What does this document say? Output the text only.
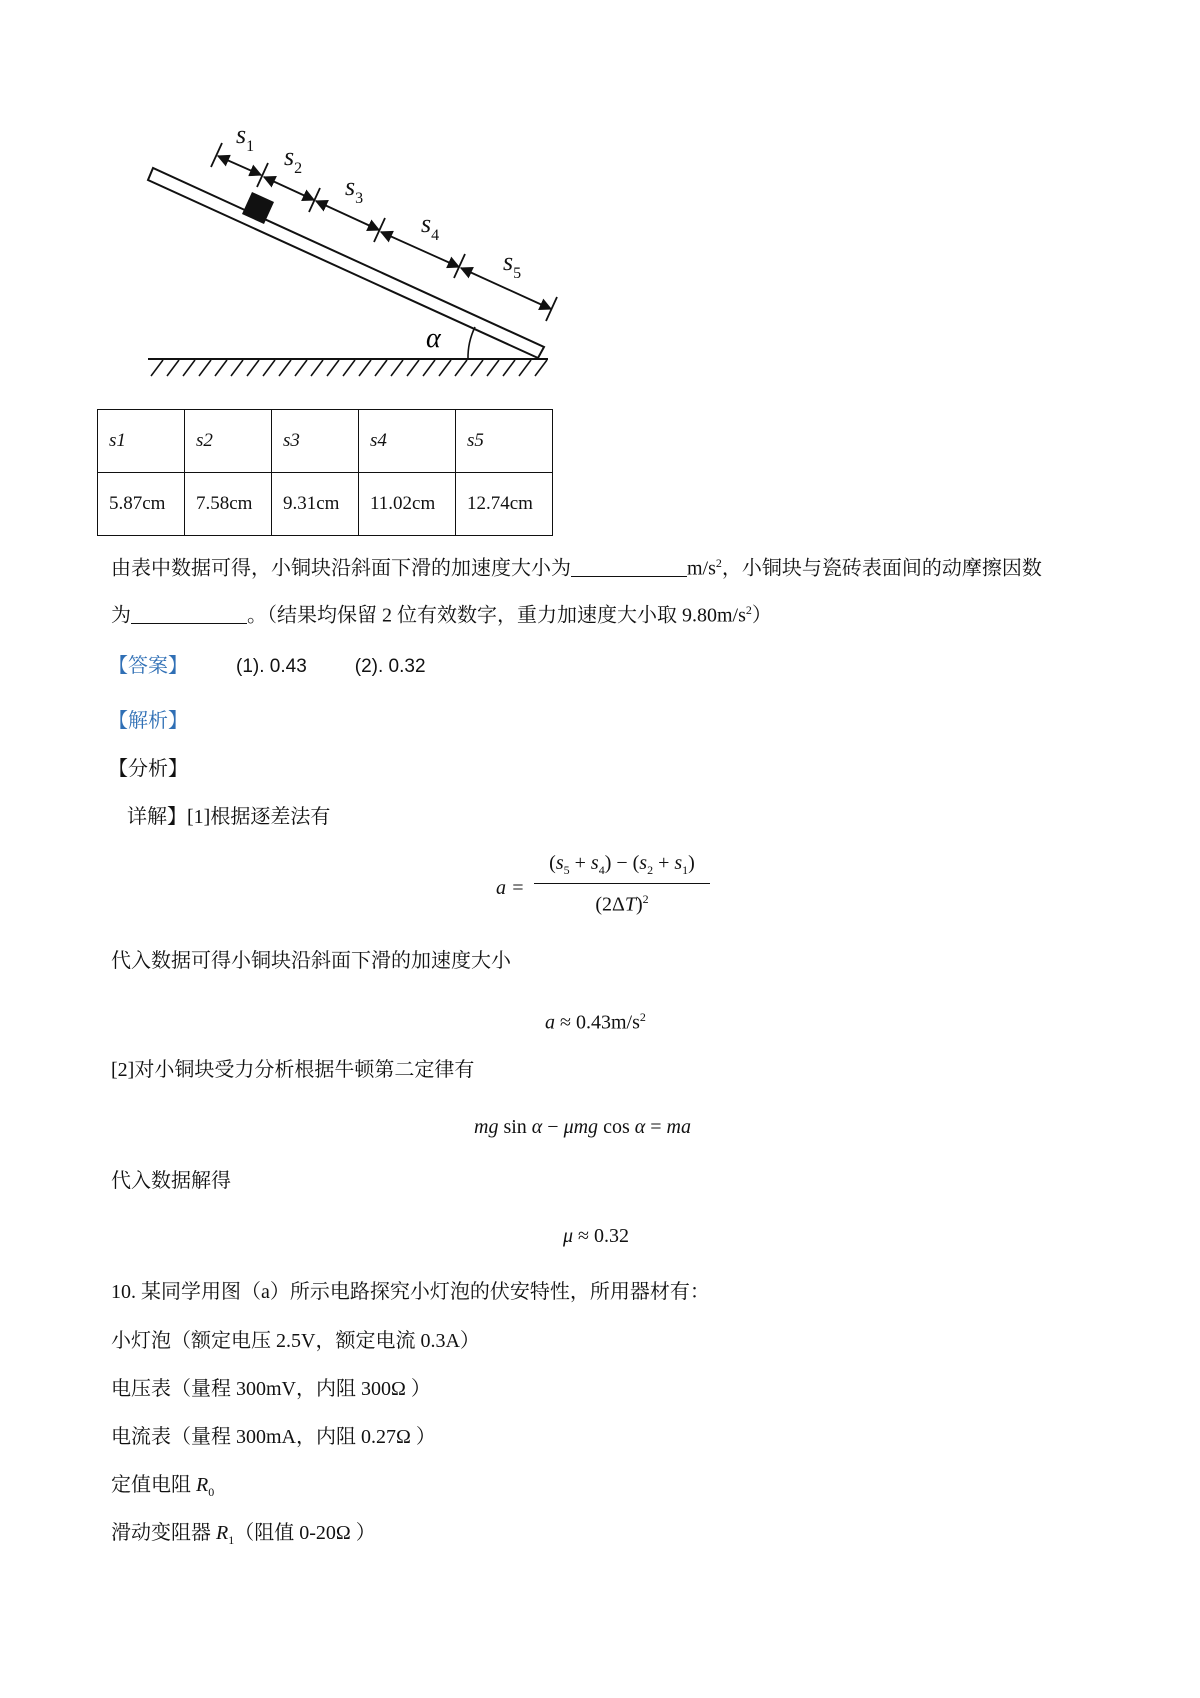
α
$s_1$ $s_2$
$s_3$
$s_4$
$s_5$
s1	s2	s3	s4	s5
5.87cm	7.58cm	9.31cm	11.02cm	12.74cm
由表中数据可得，小铜块沿斜面下滑的加速度大小为	$m/s^2$，小铜块与瓷砖表面间的动摩擦因数
为	。（结果均保留 2 位有效数字，重力加速度大小取 $9.80m/s^2$）
【答案】	(1). 0.43	(2). 0.32
【解析】
【分析】
详解】[1]根据逐差法有
a =
$(s_5 + s_4) - (s_2 + s_1)$
$(2\Delta T)^2$
代入数据可得小铜块沿斜面下滑的加速度大小
$a \approx 0.43m/s^2$
[2]对小铜块受力分析根据牛顿第二定律有
mg sin α − μmg cos α = ma
代入数据解得
μ ≈ 0.32
10. 某同学用图（a）所示电路探究小灯泡的伏安特性，所用器材有：
小灯泡（额定电压 2.5V，额定电流 0.3A）
电压表（量程 300mV，内阻 300Ω ）
电流表（量程 300mA，内阻 0.27Ω ）
定值电阻 $R_0$
滑动变阻器 $R_1$（阻值 0-20Ω ）
